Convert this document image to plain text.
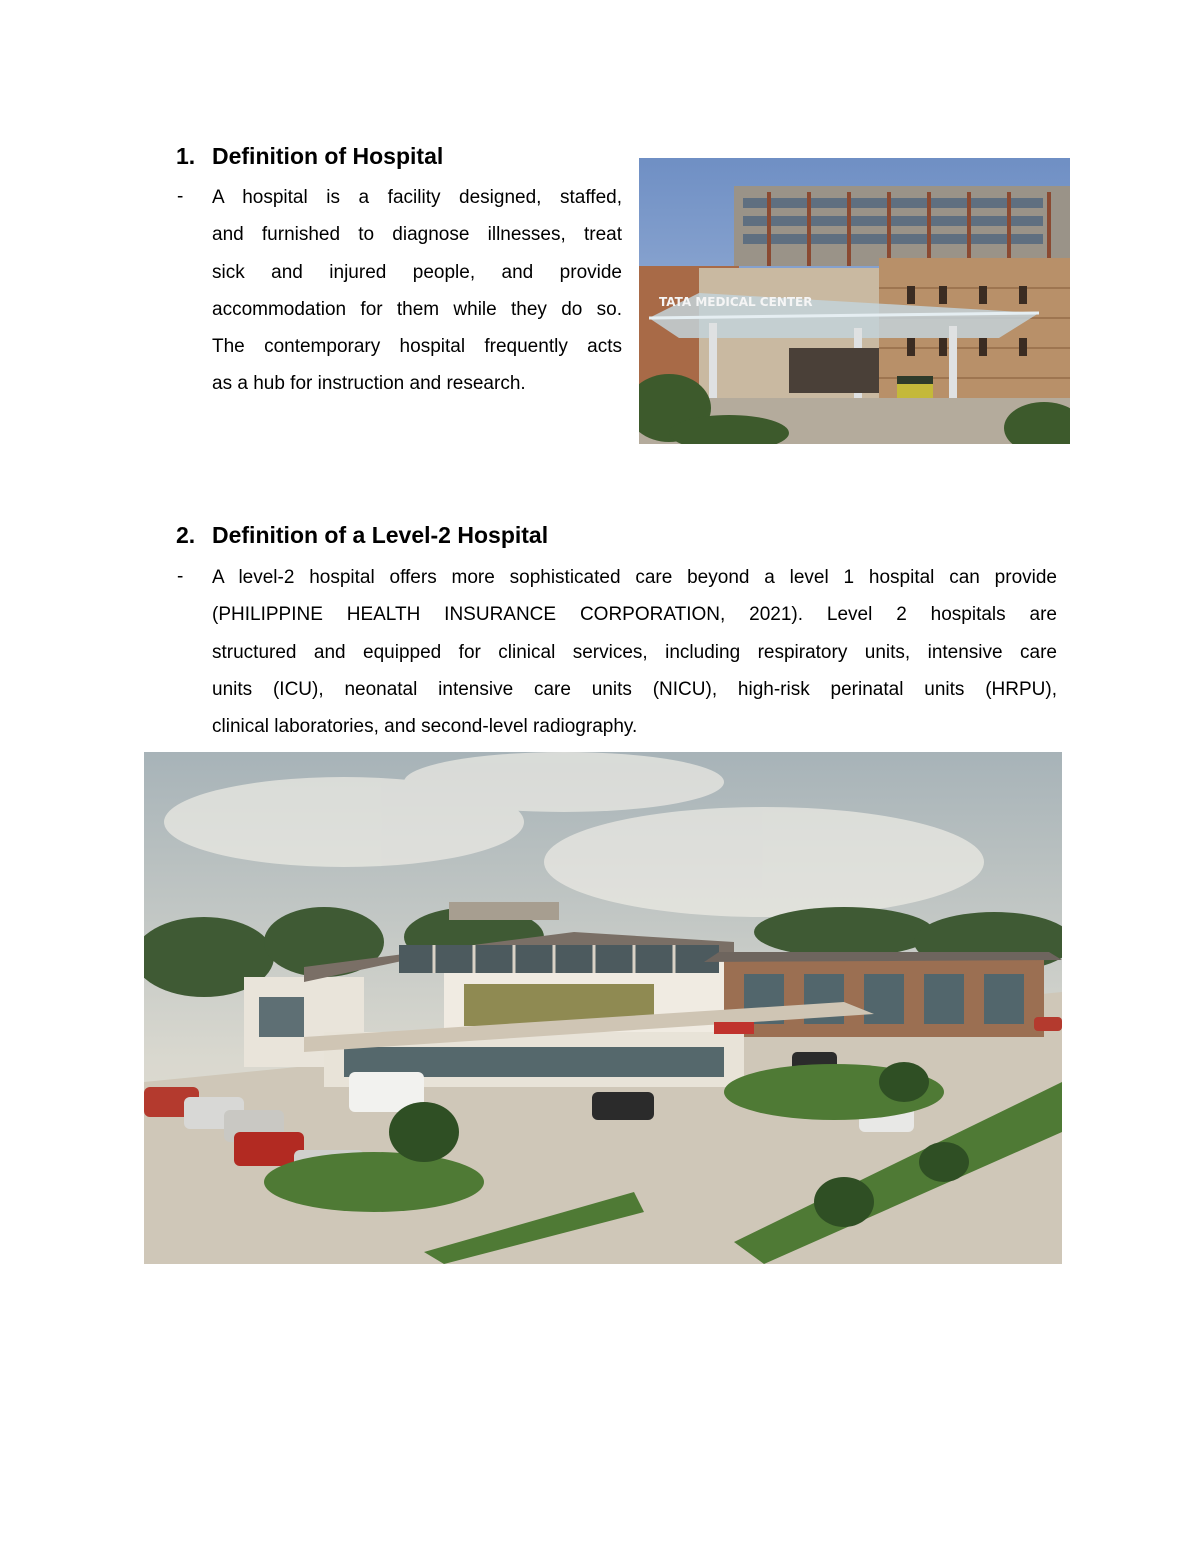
1. Definition of Hospital
- A hospital is a facility designed, staffed,
and furnished to diagnose illnesses, treat
sick and injured people, and provide
accommodation for them while they do so.
The contemporary hospital frequently acts
as a hub for instruction and research.
TATA MEDICAL CENTER
2. Definition of a Level-2 Hospital
- A level-2 hospital offers more sophisticated care beyond a level 1 hospital can provide
(PHILIPPINE HEALTH INSURANCE CORPORATION, 2021). Level 2 hospitals are
structured and equipped for clinical services, including respiratory units, intensive care
units (ICU), neonatal intensive care units (NICU), high-risk perinatal units (HRPU),
clinical laboratories, and second-level radiography.
